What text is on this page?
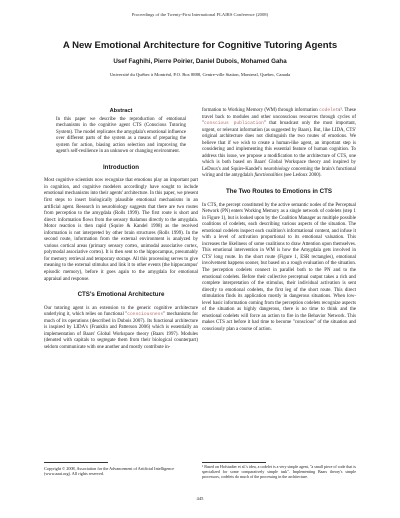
Proceedings of the Twenty-First International FLAIRS Conference (2008)
A New Emotional Architecture for Cognitive Tutoring Agents
Usef Faghihi, Pierre Poirier, Daniel Dubois, Mohamed Gaha
Université du Québec à Montréal, P.O. Box 8888, Centre-ville Station, Montreal, Quebec, Canada
Abstract

In this paper we describe the reproduction of emotional mechanisms in the cognitive agent CTS (Conscious Tutoring System). The model replicates the amygdala's emotional influence over different parts of the system as a means of preparing the system for action, biasing action selection and improving the agent's self-resilience in an unknown or changing environment.

Introduction

Most cognitive scientists now recognize that emotions play an important part in cognition, and cognitive modelers accordingly have sought to include emotional mechanisms into their agents' architecture. In this paper, we present first steps to insert biologically plausible emotional mechanisms in an artificial agent. Research in neurobiology suggests that there are two routes from perception to the amygdala (Rolls 1999). The first route is short and direct: information flows from the sensory thalamus directly to the amygdala. Motor reaction is then rapid (Squire & Kandel 1998) as the received information is not interpreted by other brain structures (Rolls 1999). In the second route, information from the external environment is analyzed by various cortical areas (primary sensory cortex, unimodal associative cortex, polymodal associative cortex). It is then sent to the hippocampus, presumably for memory retrieval and temporary storage. All this processing serves to give meaning to the external stimulus and link it to other events (the hippocampus' episodic memory), before it goes again to the amygdala for emotional appraisal and response.

CTS's Emotional Architecture

Our tutoring agent is an extension to the generic cognitive architecture underlying it, which relies on functional "consciousness" mechanisms for much of its operations (described in Dubois 2007). Its functional architecture is inspired by LIDA's (Franklin and Patterson 2006) which is essentially an implementation of Baars' Global Workspace theory (Baars 1997). Modules (denoted with capitals to segregate them from their biological counterpart) seldom communicate with one another and mostly contribute in-

Copyright © 2008, Association for the Advancement of Artificial Intelligence (www.aaai.org). All rights reserved.

formation to Working Memory (WM) through information codelets¹. These travel back to modules and other unconscious resources through cycles of "conscious publication" that broadcast only the most important, urgent, or relevant information (as suggested by Baars). But, like LIDA, CTS' original architecture does not distinguish the two routes of emotions. We believe that if we wish to create a human-like agent, an important step is considering and implementing this essential feature of human cognition. To address this issue, we propose a modification to the architecture of CTS, one which is both based on Baars' Global Workspace theory and inspired by LeDoux's and Squire-Kandel's neurobiology concerning the brain's functional wiring and the amygdala's functionalities (see Ledoux 2000).

The Two Routes to Emotions in CTS

In CTS, the percept constituted by the active semantic nodes of the Perceptual Network (PN) enters Working Memory as a single network of codelets (step 1 in Figure 1), but is looked upon by the Coalition Manager as multiple possible coalitions of codelets, each describing various aspects of the situation. The emotional codelets inspect each coalition's informational content, and infuse it with a level of activation proportional to its emotional valuation. This increases the likeliness of some coalitions to draw Attention upon themselves. This emotional intervention in WM is how the Amygdala gets involved in CTS' long route. In the short route (Figure 1, ESR rectangles), emotional involvement happens sooner, but based on a rough evaluation of the situation. The perception codelets connect in parallel both to the PN and to the emotional codelets. Before their collective perceptual output takes a rich and complete interpretation of the stimulus, their individual activation is sent directly to emotional codelets, the first leg of the short route. This direct stimulation finds its application mostly in dangerous situations. When low-level basic information coming from the perception codelets recognize aspects of the situation as highly dangerous, there is no time to think and the emotional codelets will force an action to fire in the Behavior Network. This makes CTS act before it had time to become "conscious" of the situation and consciously plan a course of action.

¹ Based on Hofstadter et al.'s idea, a codelet is a very simple agent, "a small piece of code that is specialized for some comparatively simple task". Implementing Baars theory's simple processors, codelets do much of the processing in the architecture.
445
